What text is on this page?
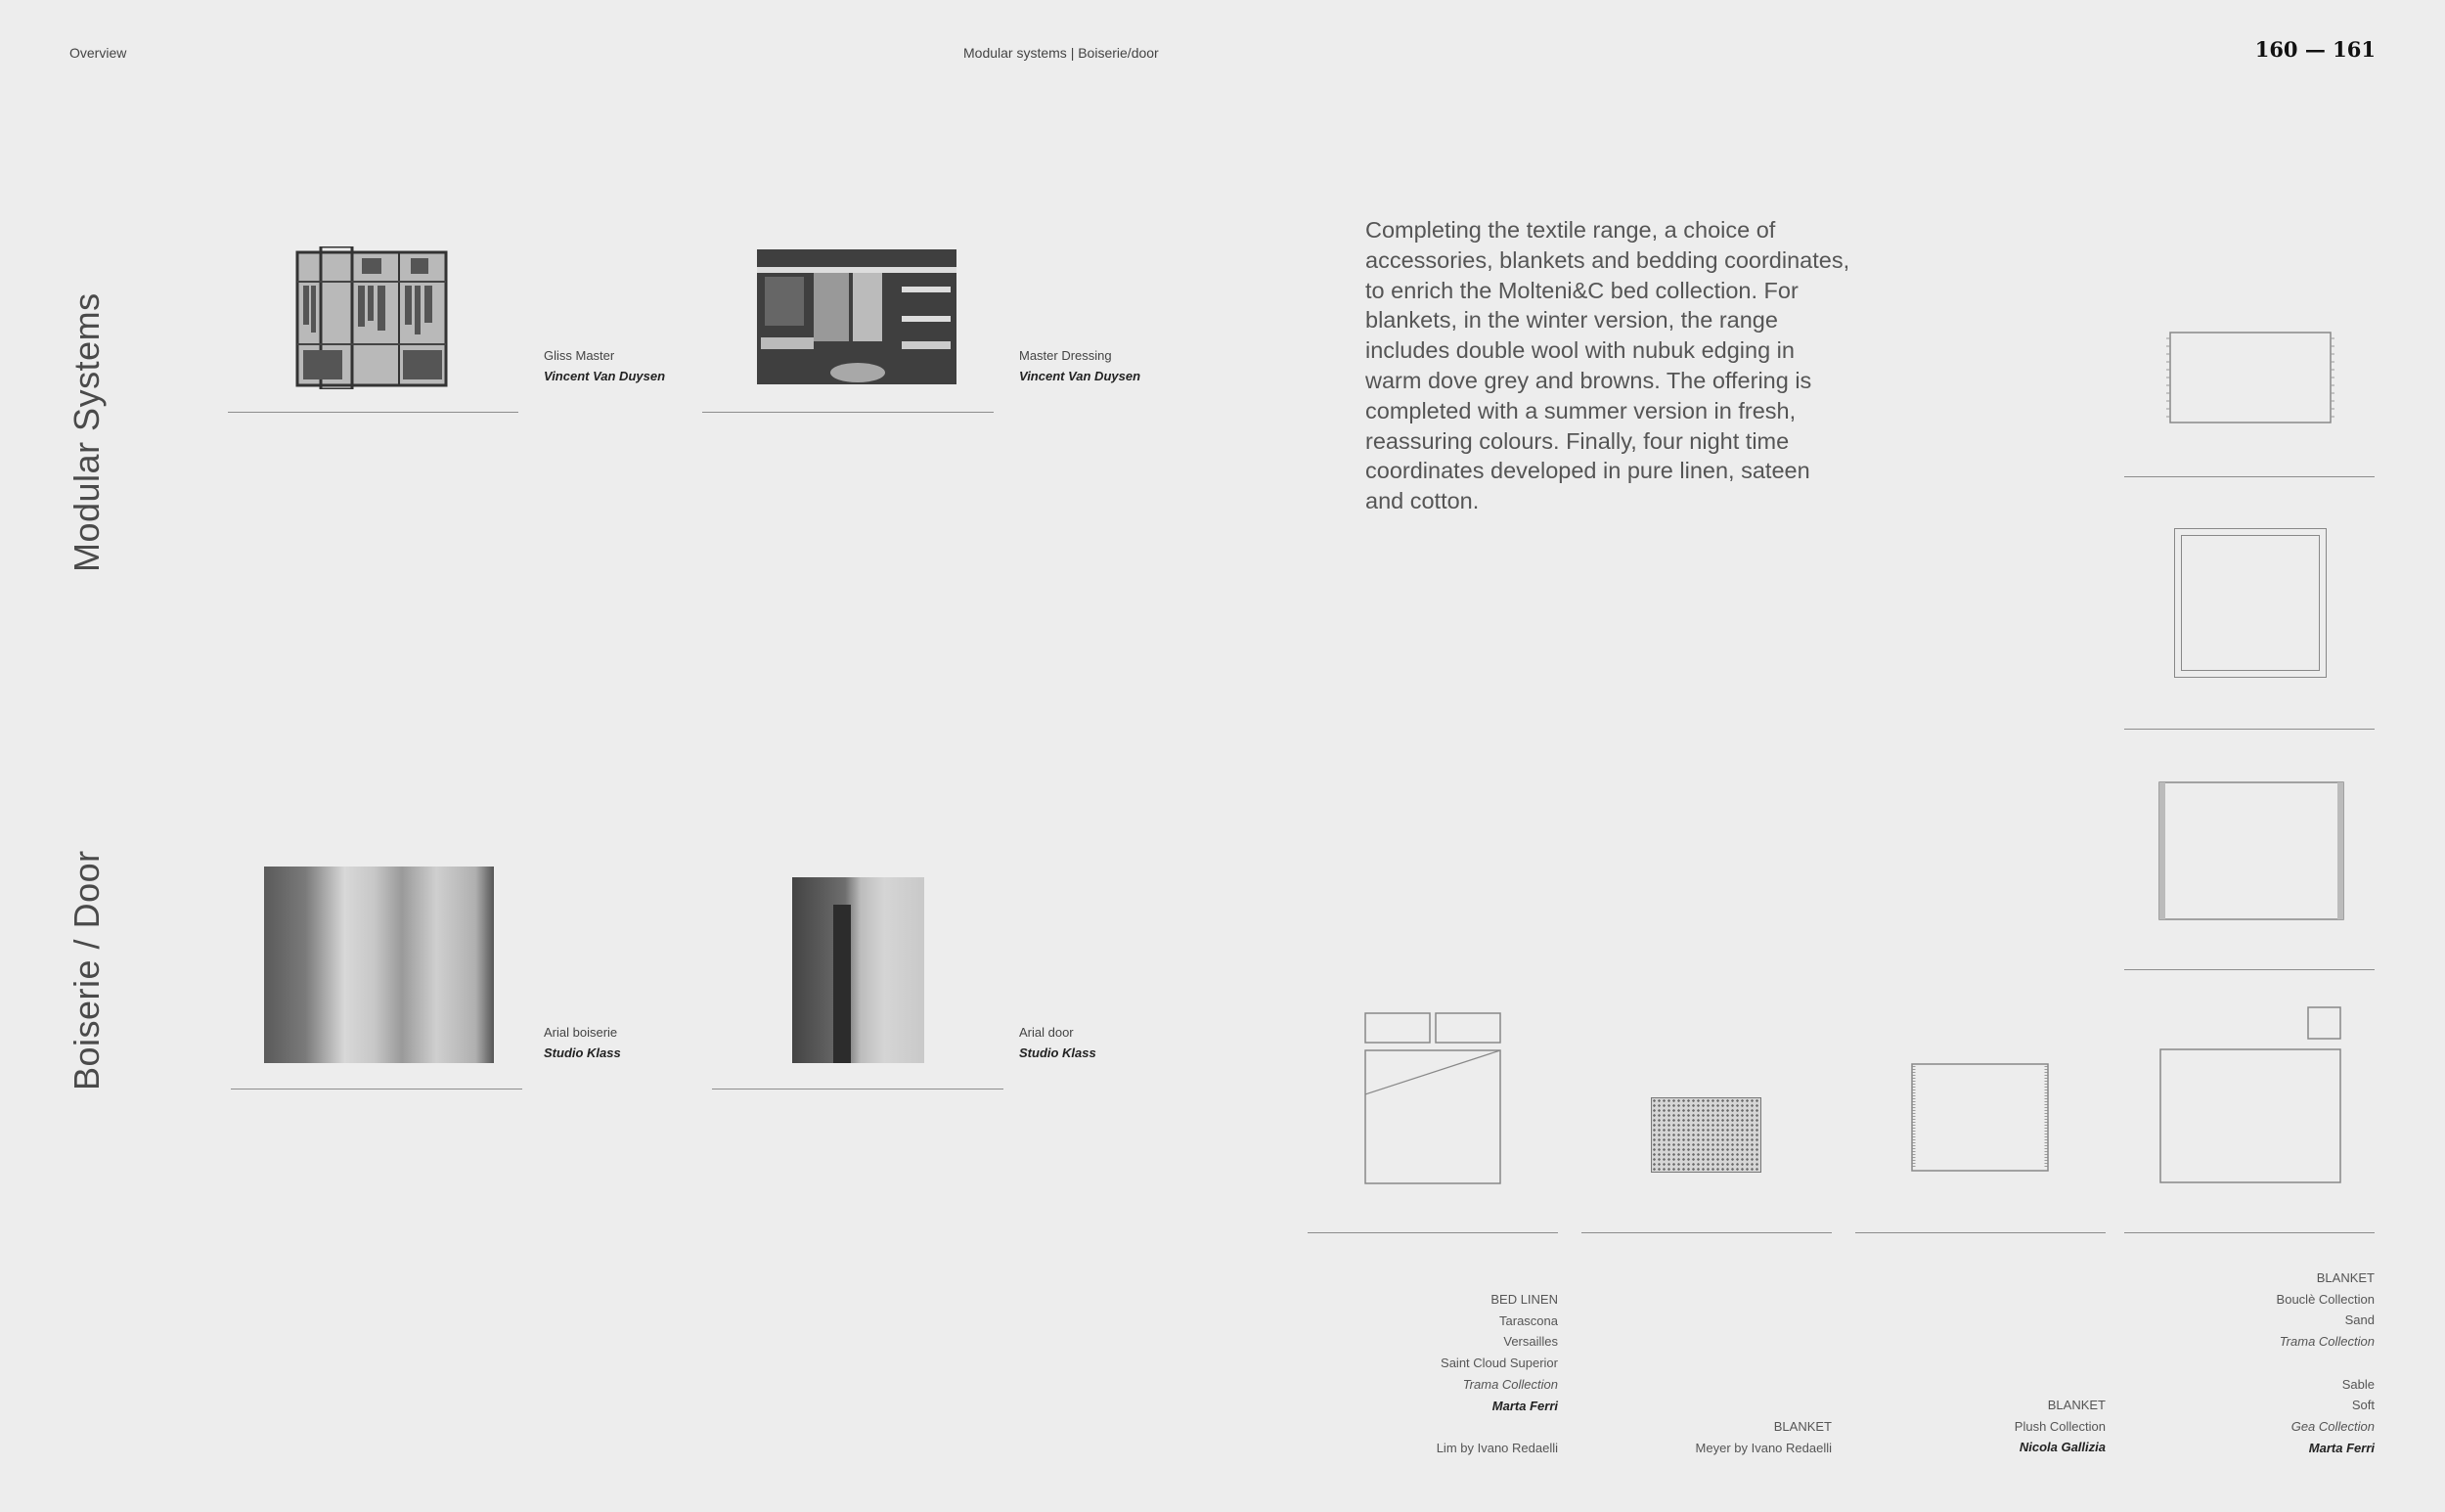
Overview	Modular systems | Boiserie/door	160 — 161
Modular Systems
Boiserie / Door
Gliss Master
Vincent Van Duysen
Master Dressing
Vincent Van Duysen
Arial boiserie
Studio Klass
Arial door
Studio Klass
Completing the textile range, a choice of accessories, blankets and bedding coordinates, to enrich the Molteni&C bed collection. For blankets, in the winter version, the range includes double wool with nubuk edging in warm dove grey and browns. The offering is completed with a summer version in fresh, reassuring colours. Finally, four night time coordinates developed in pure linen, sateen and cotton.
BED LINEN
Tarascona
Versailles
Saint Cloud Superior
Trama Collection
Marta Ferri
Lim by Ivano Redaelli
BLANKET
Meyer by Ivano Redaelli
BLANKET
Plush Collection
Nicola Gallizia
BLANKET
Bouclè Collection
Sand
Trama Collection
Sable
Soft
Gea Collection
Marta Ferri
